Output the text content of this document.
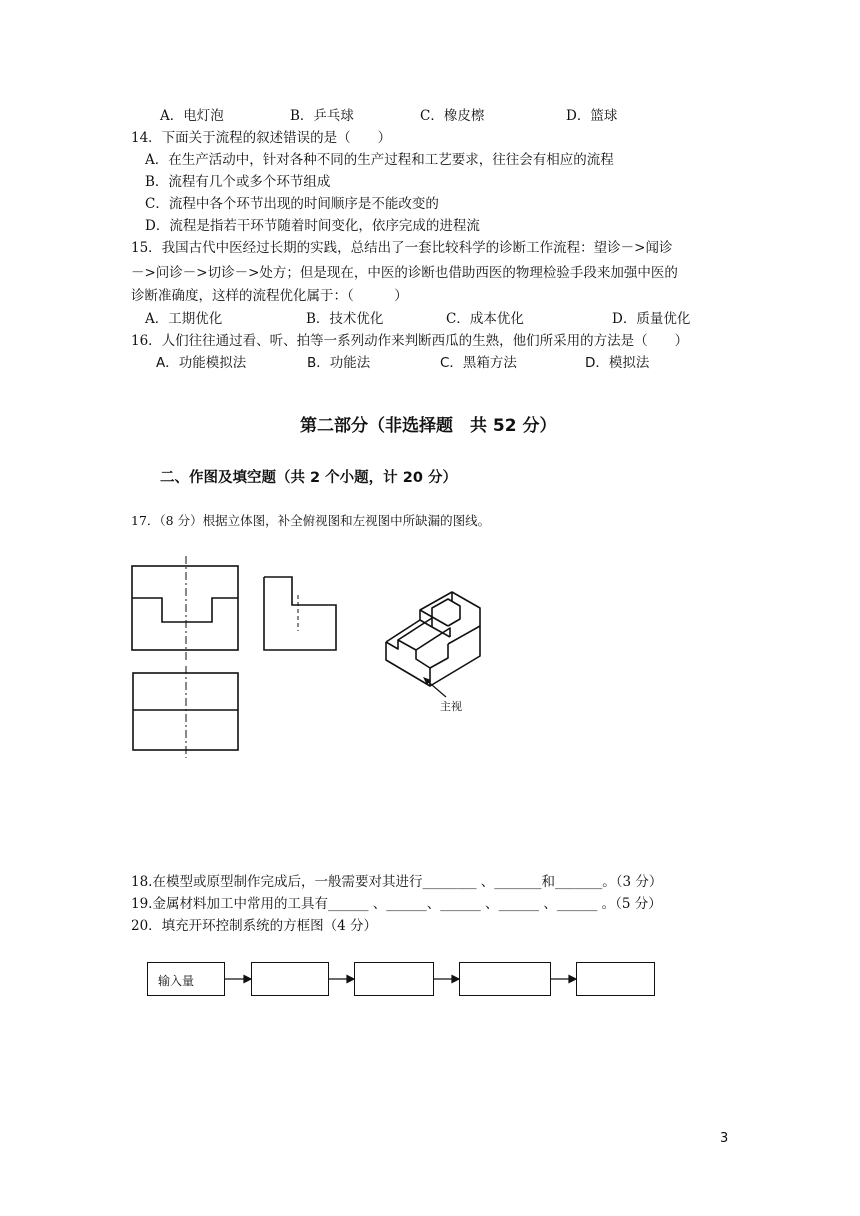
A．电灯泡	B．乒乓球	C．橡皮檫	D．篮球
14．下面关于流程的叙述错误的是（　　）
A．在生产活动中，针对各种不同的生产过程和工艺要求，往往会有相应的流程
B．流程有几个或多个环节组成
C．流程中各个环节出现的时间顺序是不能改变的
D．流程是指若干环节随着时间变化，依序完成的进程流
15．我国古代中医经过长期的实践，总结出了一套比较科学的诊断工作流程：望诊－>闻诊
－>问诊－>切诊－>处方；但是现在，中医的诊断也借助西医的物理检验手段来加强中医的
诊断准确度，这样的流程优化属于：（　　　）
A．工期优化	B．技术优化	C．成本优化	D．质量优化
16．人们往往通过看、听、拍等一系列动作来判断西瓜的生熟，他们所采用的方法是（　　）
A．功能模拟法	B．功能法	C．黑箱方法	D．模拟法
第二部分（非选择题　共 52 分）
二、作图及填空题（共 2 个小题，计 20 分）
17．（8 分）根据立体图，补全俯视图和左视图中所缺漏的图线。
主视
18.在模型或原型制作完成后，一般需要对其进行________ 、_______和_______。（3 分）
19.金属材料加工中常用的工具有______ 、______、______ 、______ 、______ 。（5 分）
20．填充开环控制系统的方框图（4 分）
输入量
3
